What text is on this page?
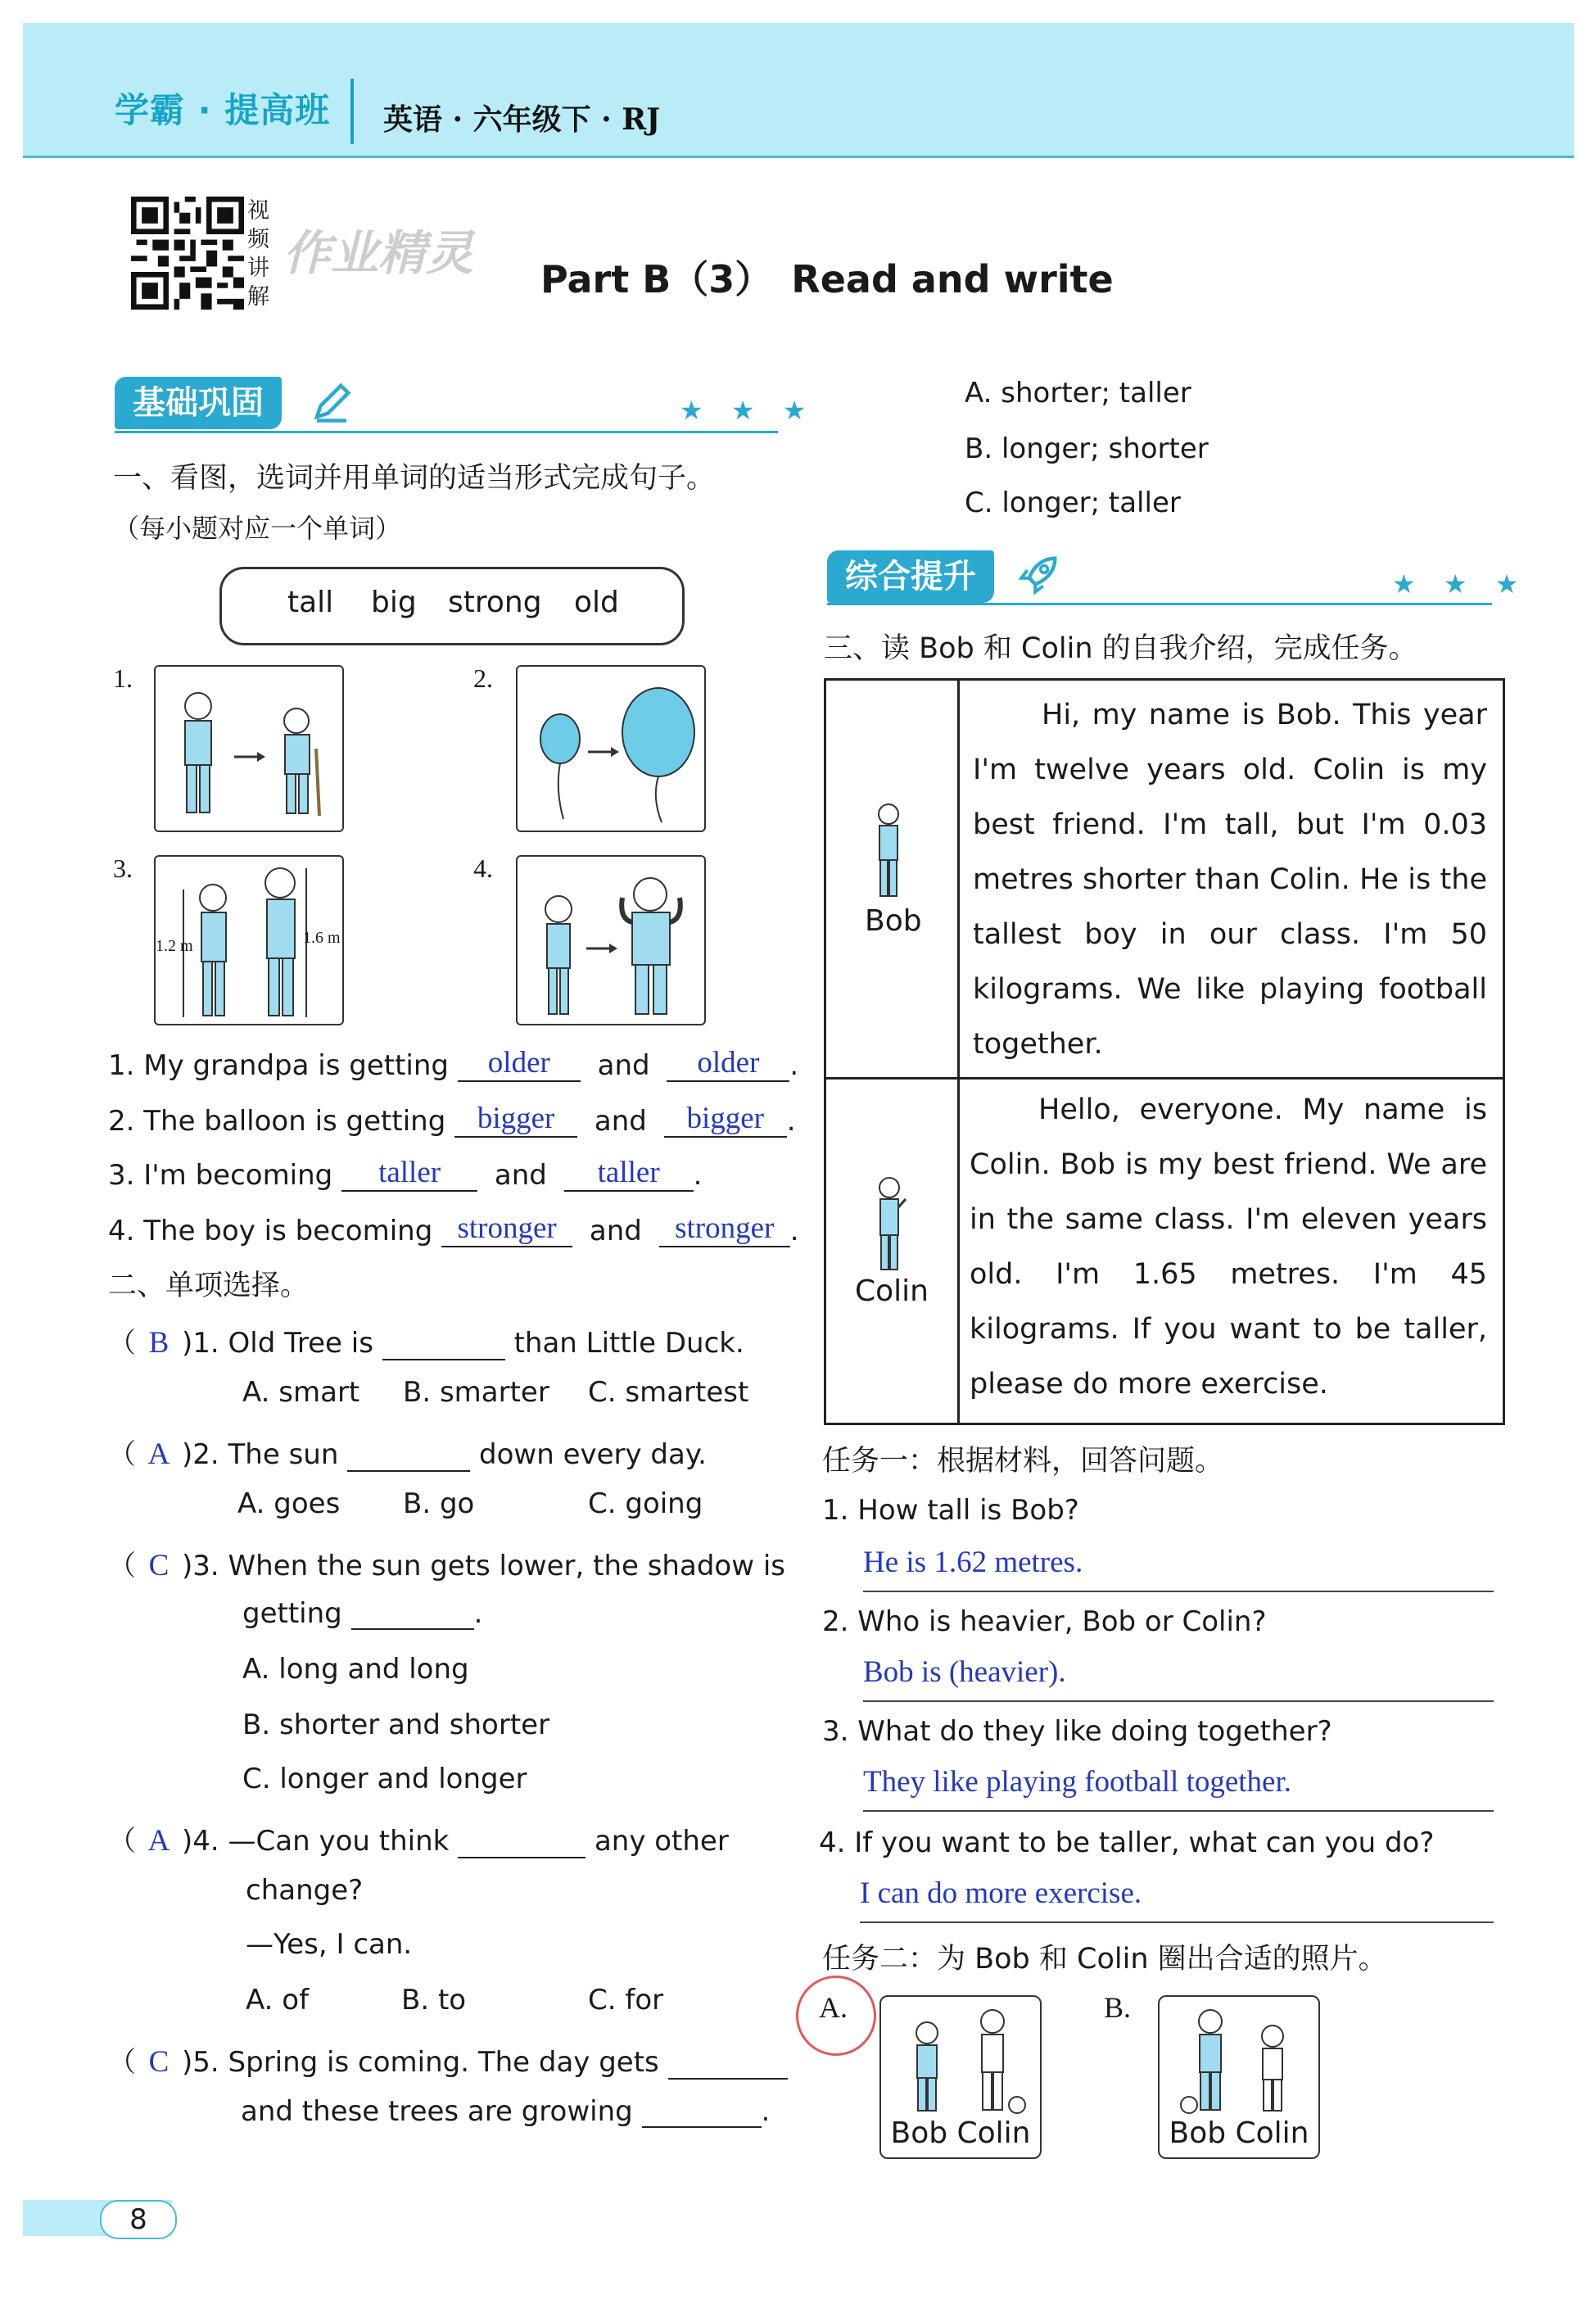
学霸 · 提高班 英语 · 六年级下 · RJ
视
频
讲
解
作业精灵 Part B（3）　Read and write
基础巩固	★ ★ ★
一、看图，选词并用单词的适当形式完成句子。
（每小题对应一个单词）
tall big strong old
1.	2.
3.
1.2 m	1.6 m
4.
1. My grandpa is getting older and older .
2. The balloon is getting bigger and bigger .
3. I'm becoming taller and taller .
4. The boy is becoming stronger and stronger .
二、单项选择。
（ B )1. Old Tree is	than Little Duck.
A. smart B. smarter C. smartest
（ A )2. The sun	down every day.
A. goes B. go	C. going
（ C )3. When the sun gets lower, the shadow is
getting	.
A. long and long
B. shorter and shorter
C. longer and longer
（ A )4. —Can you think	any other
change?
—Yes, I can.
A. of	B. to	C. for
（ C )5. Spring is coming. The day gets
and these trees are growing	.
A. shorter; taller
B. longer; shorter
C. longer; taller
综合提升	★ ★ ★
三、读 Bob 和 Colin 的自我介绍，完成任务。
Bob
Hi, my name is Bob. This year I'm twelve years old. Colin is my best friend. I'm tall, but I'm 0.03 metres shorter than Colin. He is the tallest boy in our class. I'm 50 kilograms. We like playing football together.
Colin
Hello, everyone. My name is Colin. Bob is my best friend. We are in the same class. I'm eleven years old. I'm 1.65 metres. I'm 45 kilograms. If you want to be taller, please do more exercise.
任务一：根据材料，回答问题。
1. How tall is Bob?
He is 1.62 metres.
2. Who is heavier, Bob or Colin?
Bob is (heavier).
3. What do they like doing together?
They like playing football together.
4. If you want to be taller, what can you do?
I can do more exercise.
任务二：为 Bob 和 Colin 圈出合适的照片。
A.
Bob Colin
B.
Bob Colin
8
